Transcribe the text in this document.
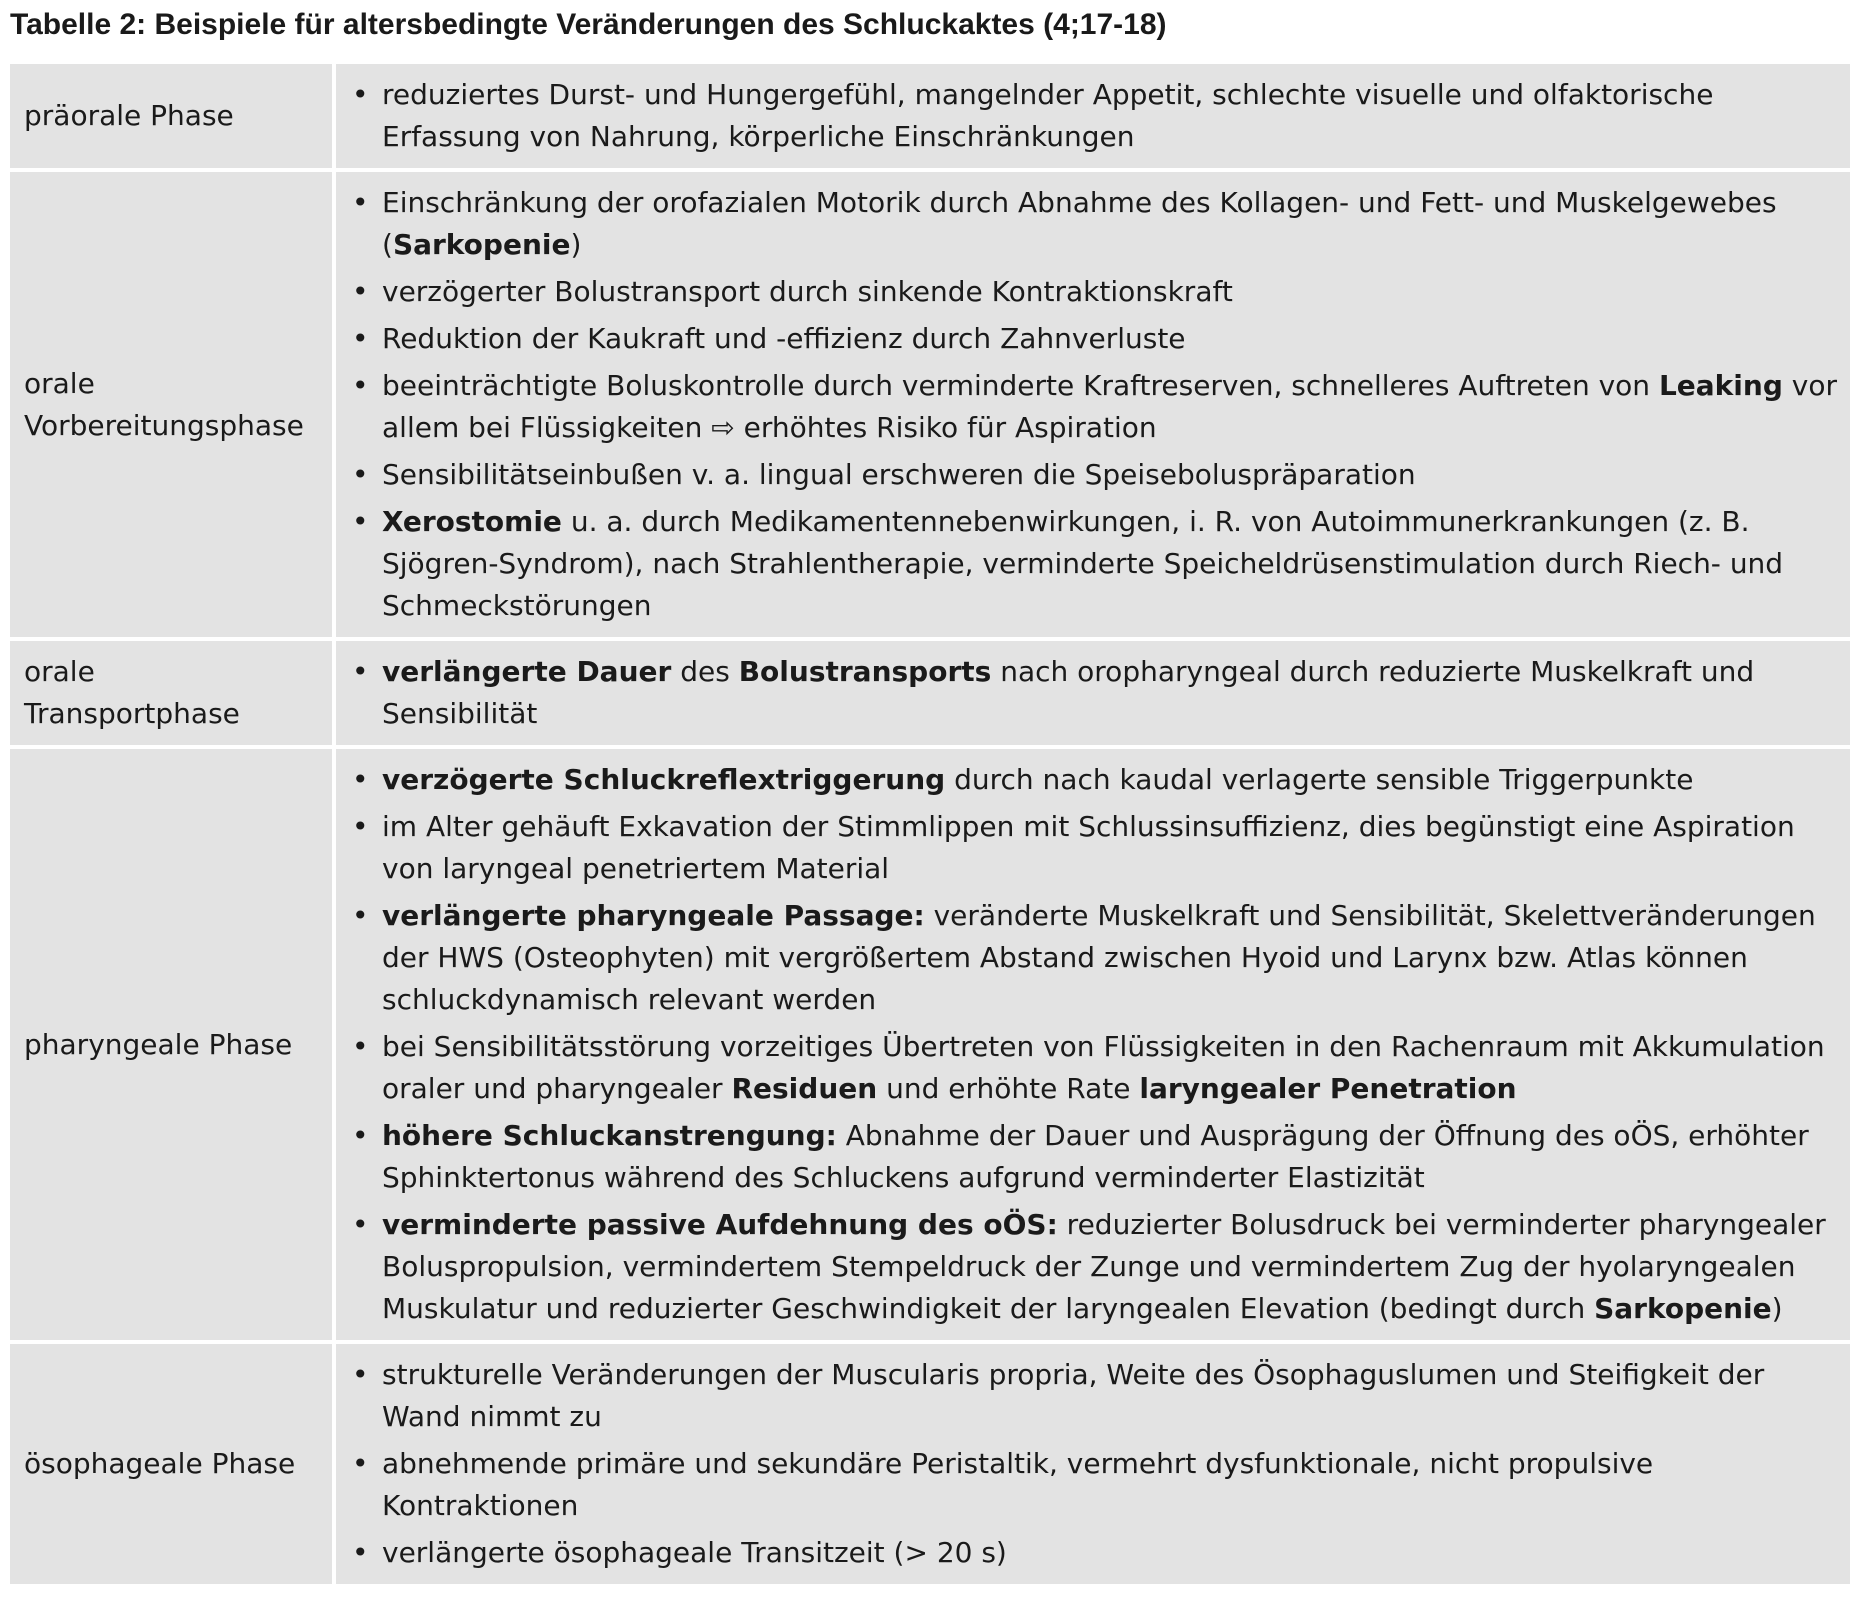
Tabelle 2: Beispiele für altersbedingte Veränderungen des Schluckaktes (4;17-18)
präorale Phase
• reduziertes Durst- und Hungergefühl, mangelnder Appetit, schlechte visuelle und olfaktorische Erfassung von Nahrung, körperliche Einschränkungen
orale Vorbereitungsphase
• Einschränkung der orofazialen Motorik durch Abnahme des Kollagen- und Fett- und Muskelgewebes (Sarkopenie)
• verzögerter Bolustransport durch sinkende Kontraktionskraft
• Reduktion der Kaukraft und -effizienz durch Zahnverluste
• beeinträchtigte Boluskontrolle durch verminderte Kraftreserven, schnelleres Auftreten von Leaking vor allem bei Flüssigkeiten ⇨ erhöhtes Risiko für Aspiration
• Sensibilitätseinbußen v. a. lingual erschweren die Speiseboluspräparation
• Xerostomie u. a. durch Medikamentennebenwirkungen, i. R. von Autoimmunerkrankungen (z. B. Sjögren-Syndrom), nach Strahlentherapie, verminderte Speicheldrüsenstimulation durch Riech- und Schmeckstörungen
orale Transportphase
• verlängerte Dauer des Bolustransports nach oropharyngeal durch reduzierte Muskelkraft und Sensibilität
pharyngeale Phase
• verzögerte Schluckreflextriggerung durch nach kaudal verlagerte sensible Triggerpunkte
• im Alter gehäuft Exkavation der Stimmlippen mit Schlussinsuffizienz, dies begünstigt eine Aspiration von laryngeal penetriertem Material
• verlängerte pharyngeale Passage: veränderte Muskelkraft und Sensibilität, Skelettveränderungen der HWS (Osteophyten) mit vergrößertem Abstand zwischen Hyoid und Larynx bzw. Atlas können schluckdynamisch relevant werden
• bei Sensibilitätsstörung vorzeitiges Übertreten von Flüssigkeiten in den Rachenraum mit Akkumulation oraler und pharyngealer Residuen und erhöhte Rate laryngealer Penetration
• höhere Schluckanstrengung: Abnahme der Dauer und Ausprägung der Öffnung des oÖS, erhöhter Sphinktertonus während des Schluckens aufgrund verminderter Elastizität
• verminderte passive Aufdehnung des oÖS: reduzierter Bolusdruck bei verminderter pharyngealer Boluspropulsion, vermindertem Stempeldruck der Zunge und vermindertem Zug der hyolaryngealen Muskulatur und reduzierter Geschwindigkeit der laryngealen Elevation (bedingt durch Sarkopenie)
ösophageale Phase
• strukturelle Veränderungen der Muscularis propria, Weite des Ösophaguslumen und Steifigkeit der Wand nimmt zu
• abnehmende primäre und sekundäre Peristaltik, vermehrt dysfunktionale, nicht propulsive Kontraktionen
• verlängerte ösophageale Transitzeit (> 20 s)
